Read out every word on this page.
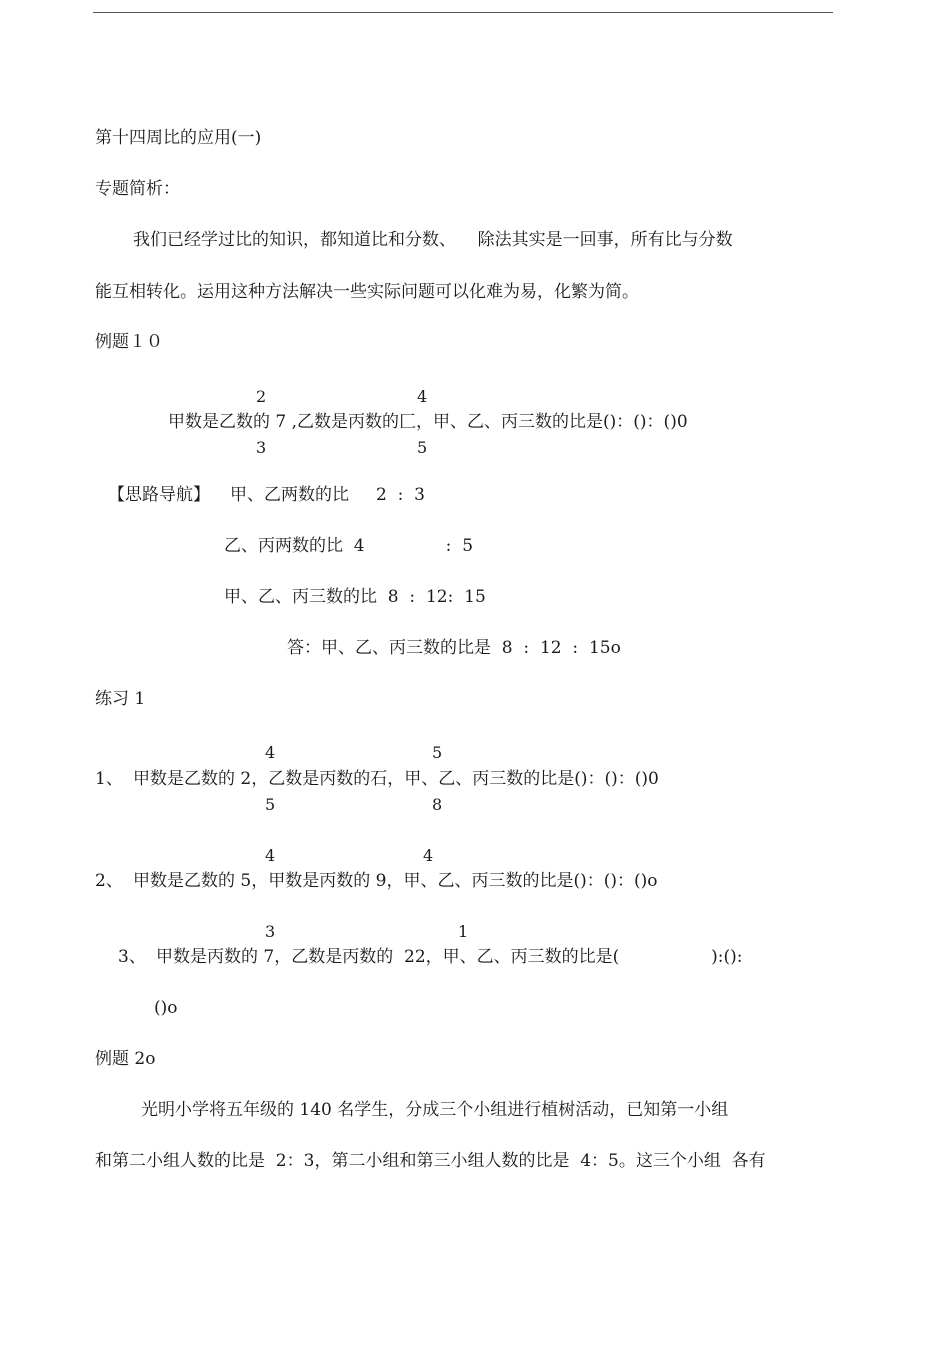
第十四周比的应用(一)
专题简析：
我们已经学过比的知识，都知道比和分数、    除法其实是一回事，所有比与分数
能互相转化。运用这种方法解决一些实际问题可以化难为易，化繁为简。
例题１０
2	4
甲数是乙数的 7 ,乙数是丙数的匚，甲、乙、丙三数的比是()：()：()0
3	5
【思路导航】 甲、乙两数的比     2  :  3
乙、丙两数的比  4               :  5
甲、乙、丙三数的比  8  :  12:  15
答：甲、乙、丙三数的比是  8  :  12  :  15o
练习 1
4	5
1、 甲数是乙数的 2，乙数是丙数的石，甲、乙、丙三数的比是()：()：()0
5	8
4	4
2、 甲数是乙数的 5，甲数是丙数的 9，甲、乙、丙三数的比是()：()：()o
3	1
3、 甲数是丙数的 7，乙数是丙数的  22，甲、乙、丙三数的比是(                 ):():
()o
例题 2o
光明小学将五年级的 140 名学生，分成三个小组进行植树活动，已知第一小组
和第二小组人数的比是  2：3，第二小组和第三小组人数的比是  4：5。这三个小组  各有
